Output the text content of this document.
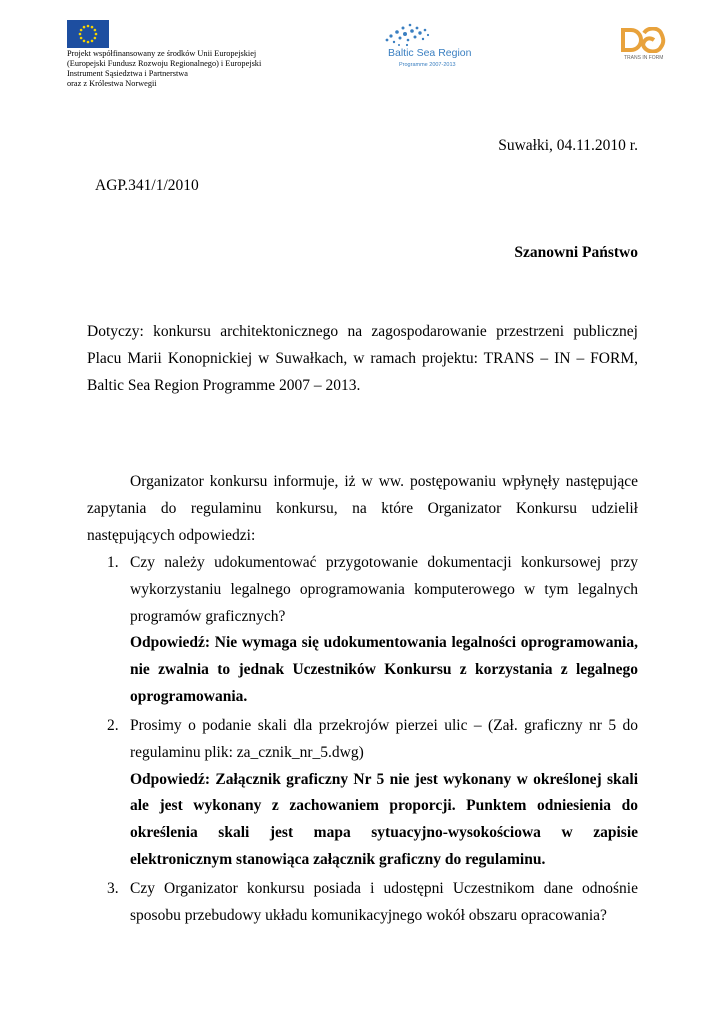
Projekt współfinansowany ze środków Unii Europejskiej
(Europejski Fundusz Rozwoju Regionalnego) i Europejski
Instrument Sąsiedztwa i Partnerstwa
oraz z Królestwa Norwegii
Baltic Sea Region
Programme 2007-2013
TRANS IN FORM
Suwałki, 04.11.2010 r.
AGP.341/1/2010
Szanowni Państwo
Dotyczy: konkursu architektonicznego na zagospodarowanie przestrzeni publicznej Placu Marii Konopnickiej w Suwałkach, w ramach projektu: TRANS – IN – FORM, Baltic Sea Region Programme 2007 – 2013.
Organizator konkursu informuje, iż w ww. postępowaniu wpłynęły następujące zapytania do regulaminu konkursu, na które Organizator Konkursu udzielił następujących odpowiedzi:
1. Czy należy udokumentować przygotowanie dokumentacji konkursowej przy wykorzystaniu legalnego oprogramowania komputerowego w tym legalnych programów graficznych?
Odpowiedź: Nie wymaga się udokumentowania legalności oprogramowania, nie zwalnia to jednak Uczestników Konkursu z korzystania z legalnego oprogramowania.
2. Prosimy o podanie skali dla przekrojów pierzei ulic – (Zał. graficzny nr 5 do regulaminu plik: za_cznik_nr_5.dwg)
Odpowiedź: Załącznik graficzny Nr 5 nie jest wykonany w określonej skali ale jest wykonany z zachowaniem proporcji. Punktem odniesienia do określenia skali jest mapa sytuacyjno-wysokościowa w zapisie elektronicznym stanowiąca załącznik graficzny do regulaminu.
3. Czy Organizator konkursu posiada i udostępni Uczestnikom dane odnośnie sposobu przebudowy układu komunikacyjnego wokół obszaru opracowania?
